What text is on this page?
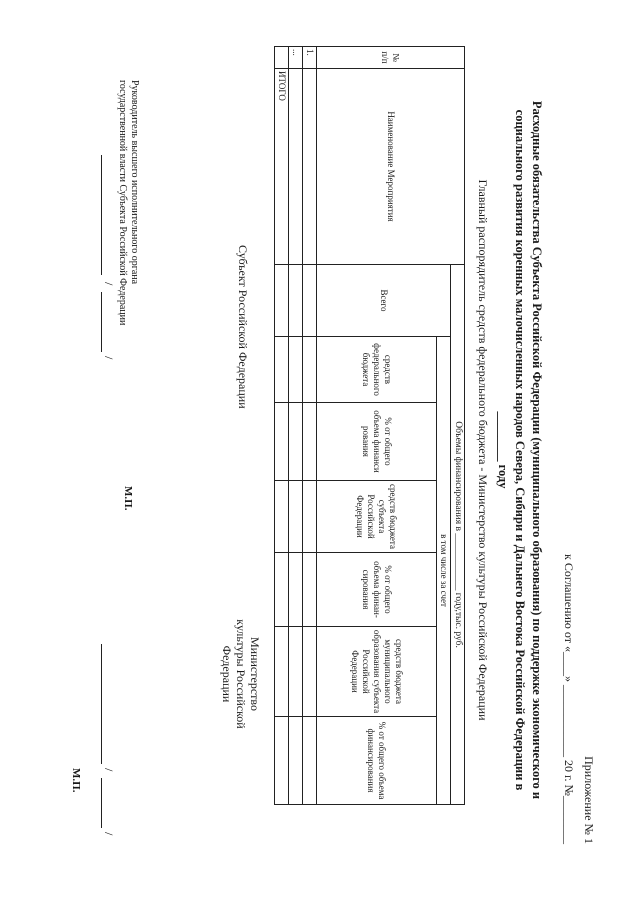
Приложение № 1
к Соглашению от «____» ____________ 20 г. №________
Расходные обязательства Субъекта Российской Федерации (муниципального образования) по поддержке экономического и
социального развития коренных малочисленных народов Севера, Сибири и Дальнего Востока Российской Федерации в
________ году
Главный распорядитель средств федерального бюджета - Министерство культуры Российской Федерации
№ п/п	Наименование Мероприятия	Объемы финансирования в ____________ году,тыс. руб.						
		Всего	в том числе за счет					
			средств федерального бюджета	% от общего объема финанси рования	средств бюджета субъекта Российской Федерации	% от общего объема финан- сирования	средств бюджета муниципального образования субъекта Российской Федерации	% от общего объема финансирования
1.								
...								
	ИТОГО							
Субъект Российской Федерации
Министерство культуры Российской Федерации
Руководитель высшего исполнительного органа государственной власти Субъекта Российской Федерации
/
/
М.П.
/
/
М.П.
